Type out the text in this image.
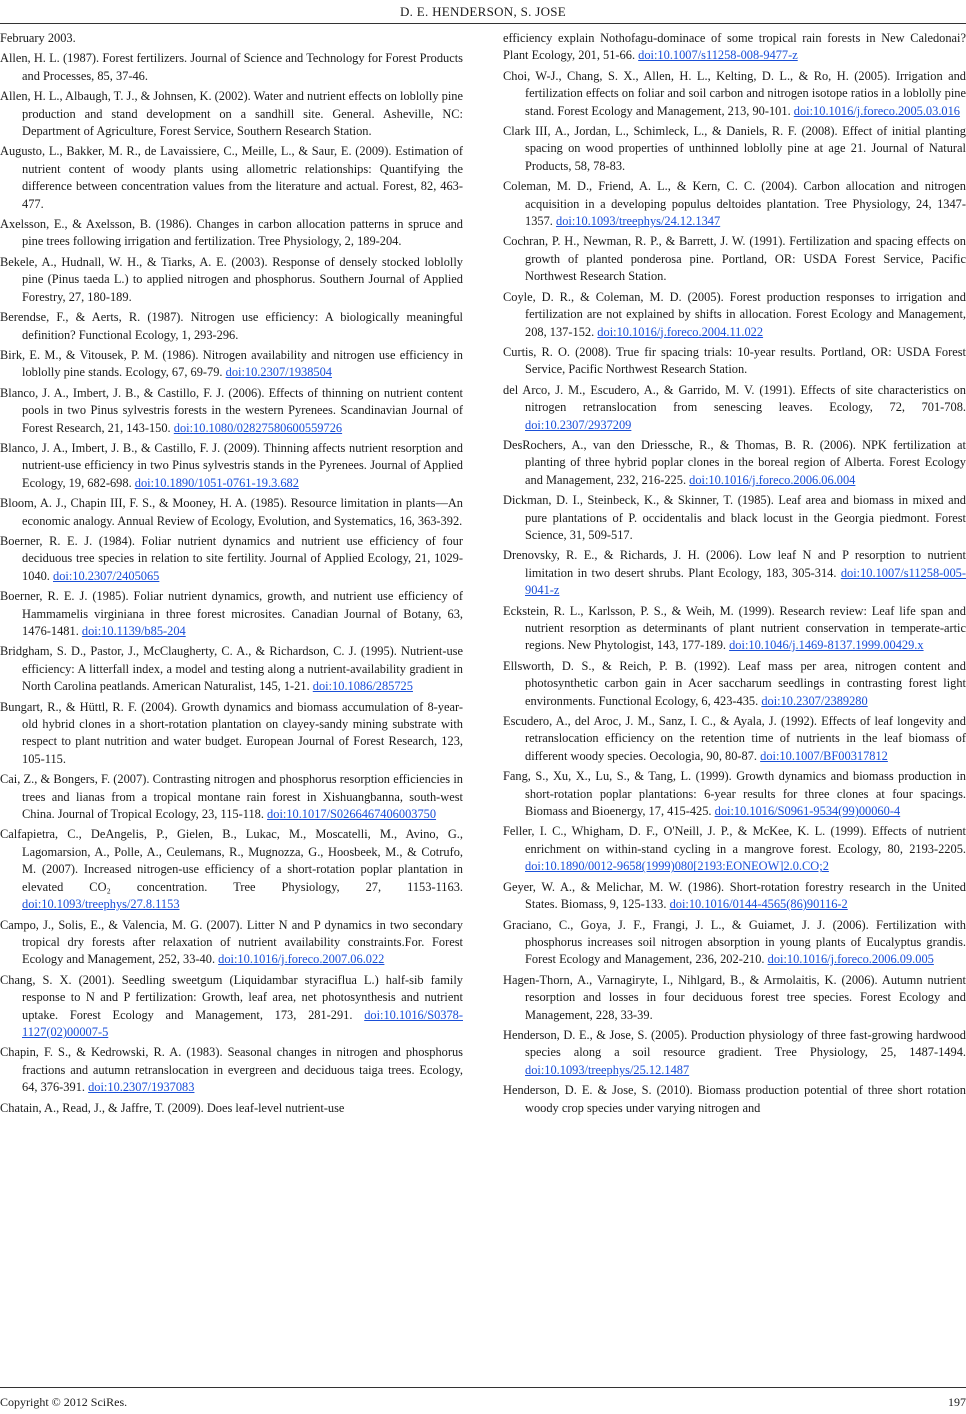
D. E. HENDERSON, S. JOSE

February 2003.

Allen, H. L. (1987). Forest fertilizers. Journal of Science and Technology for Forest Products and Processes, 85, 37-46.

Allen, H. L., Albaugh, T. J., & Johnsen, K. (2002). Water and nutrient effects on loblolly pine production and stand development on a sandhill site. General. Asheville, NC: Department of Agriculture, Forest Service, Southern Research Station.

Augusto, L., Bakker, M. R., de Lavaissiere, C., Meille, L., & Saur, E. (2009). Estimation of nutrient content of woody plants using allometric relationships: Quantifying the difference between concentration values from the literature and actual. Forest, 82, 463-477.

Axelsson, E., & Axelsson, B. (1986). Changes in carbon allocation patterns in spruce and pine trees following irrigation and fertilization. Tree Physiology, 2, 189-204.

Bekele, A., Hudnall, W. H., & Tiarks, A. E. (2003). Response of densely stocked loblolly pine (Pinus taeda L.) to applied nitrogen and phosphorus. Southern Journal of Applied Forestry, 27, 180-189.

Berendse, F., & Aerts, R. (1987). Nitrogen use efficiency: A biologically meaningful definition? Functional Ecology, 1, 293-296.

Birk, E. M., & Vitousek, P. M. (1986). Nitrogen availability and nitrogen use efficiency in loblolly pine stands. Ecology, 67, 69-79. doi:10.2307/1938504

Blanco, J. A., Imbert, J. B., & Castillo, F. J. (2006). Effects of thinning on nutrient content pools in two Pinus sylvestris forests in the western Pyrenees. Scandinavian Journal of Forest Research, 21, 143-150. doi:10.1080/02827580600559726

Blanco, J. A., Imbert, J. B., & Castillo, F. J. (2009). Thinning affects nutrient resorption and nutrient-use efficiency in two Pinus sylvestris stands in the Pyrenees. Journal of Applied Ecology, 19, 682-698. doi:10.1890/1051-0761-19.3.682

Bloom, A. J., Chapin III, F. S., & Mooney, H. A. (1985). Resource limitation in plants—An economic analogy. Annual Review of Ecology, Evolution, and Systematics, 16, 363-392.

Boerner, R. E. J. (1984). Foliar nutrient dynamics and nutrient use efficiency of four deciduous tree species in relation to site fertility. Journal of Applied Ecology, 21, 1029-1040. doi:10.2307/2405065

Boerner, R. E. J. (1985). Foliar nutrient dynamics, growth, and nutrient use efficiency of Hammamelis virginiana in three forest microsites. Canadian Journal of Botany, 63, 1476-1481. doi:10.1139/b85-204

Bridgham, S. D., Pastor, J., McClaugherty, C. A., & Richardson, C. J. (1995). Nutrient-use efficiency: A litterfall index, a model and testing along a nutrient-availability gradient in North Carolina peatlands. American Naturalist, 145, 1-21. doi:10.1086/285725

Bungart, R., & Hüttl, R. F. (2004). Growth dynamics and biomass accumulation of 8-year-old hybrid clones in a short-rotation plantation on clayey-sandy mining substrate with respect to plant nutrition and water budget. European Journal of Forest Research, 123, 105-115.

Cai, Z., & Bongers, F. (2007). Contrasting nitrogen and phosphorus resorption efficiencies in trees and lianas from a tropical montane rain forest in Xishuangbanna, south-west China. Journal of Tropical Ecology, 23, 115-118. doi:10.1017/S0266467406003750

Calfapietra, C., DeAngelis, P., Gielen, B., Lukac, M., Moscatelli, M., Avino, G., Lagomarsion, A., Polle, A., Ceulemans, R., Mugnozza, G., Hoosbeek, M., & Cotrufo, M. (2007). Increased nitrogen-use efficiency of a short-rotation poplar plantation in elevated CO₂ concentration. Tree Physiology, 27, 1153-1163. doi:10.1093/treephys/27.8.1153

Campo, J., Solis, E., & Valencia, M. G. (2007). Litter N and P dynamics in two secondary tropical dry forests after relaxation of nutrient availability constraints.For. Forest Ecology and Management, 252, 33-40. doi:10.1016/j.foreco.2007.06.022

Chang, S. X. (2001). Seedling sweetgum (Liquidambar styraciflua L.) half-sib family response to N and P fertilization: Growth, leaf area, net photosynthesis and nutrient uptake. Forest Ecology and Management, 173, 281-291. doi:10.1016/S0378-1127(02)00007-5

Chapin, F. S., & Kedrowski, R. A. (1983). Seasonal changes in nitrogen and phosphorus fractions and autumn retranslocation in evergreen and deciduous taiga trees. Ecology, 64, 376-391. doi:10.2307/1937083

Chatain, A., Read, J., & Jaffre, T. (2009). Does leaf-level nutrient-use

efficiency explain Nothofagu-dominace of some tropical rain forests in New Caledonai? Plant Ecology, 201, 51-66. doi:10.1007/s11258-008-9477-z

Choi, W-J., Chang, S. X., Allen, H. L., Kelting, D. L., & Ro, H. (2005). Irrigation and fertilization effects on foliar and soil carbon and nitrogen isotope ratios in a loblolly pine stand. Forest Ecology and Management, 213, 90-101. doi:10.1016/j.foreco.2005.03.016

Clark III, A., Jordan, L., Schimleck, L., & Daniels, R. F. (2008). Effect of initial planting spacing on wood properties of unthinned loblolly pine at age 21. Journal of Natural Products, 58, 78-83.

Coleman, M. D., Friend, A. L., & Kern, C. C. (2004). Carbon allocation and nitrogen acquisition in a developing populus deltoides plantation. Tree Physiology, 24, 1347-1357. doi:10.1093/treephys/24.12.1347

Cochran, P. H., Newman, R. P., & Barrett, J. W. (1991). Fertilization and spacing effects on growth of planted ponderosa pine. Portland, OR: USDA Forest Service, Pacific Northwest Research Station.

Coyle, D. R., & Coleman, M. D. (2005). Forest production responses to irrigation and fertilization are not explained by shifts in allocation. Forest Ecology and Management, 208, 137-152. doi:10.1016/j.foreco.2004.11.022

Curtis, R. O. (2008). True fir spacing trials: 10-year results. Portland, OR: USDA Forest Service, Pacific Northwest Research Station.

del Arco, J. M., Escudero, A., & Garrido, M. V. (1991). Effects of site characteristics on nitrogen retranslocation from senescing leaves. Ecology, 72, 701-708. doi:10.2307/2937209

DesRochers, A., van den Driessche, R., & Thomas, B. R. (2006). NPK fertilization at planting of three hybrid poplar clones in the boreal region of Alberta. Forest Ecology and Management, 232, 216-225. doi:10.1016/j.foreco.2006.06.004

Dickman, D. I., Steinbeck, K., & Skinner, T. (1985). Leaf area and biomass in mixed and pure plantations of P. occidentalis and black locust in the Georgia piedmont. Forest Science, 31, 509-517.

Drenovsky, R. E., & Richards, J. H. (2006). Low leaf N and P resorption to nutrient limitation in two desert shrubs. Plant Ecology, 183, 305-314. doi:10.1007/s11258-005-9041-z

Eckstein, R. L., Karlsson, P. S., & Weih, M. (1999). Research review: Leaf life span and nutrient resorption as determinants of plant nutrient conservation in temperate-artic regions. New Phytologist, 143, 177-189. doi:10.1046/j.1469-8137.1999.00429.x

Ellsworth, D. S., & Reich, P. B. (1992). Leaf mass per area, nitrogen content and photosynthetic carbon gain in Acer saccharum seedlings in contrasting forest light environments. Functional Ecology, 6, 423-435. doi:10.2307/2389280

Escudero, A., del Aroc, J. M., Sanz, I. C., & Ayala, J. (1992). Effects of leaf longevity and retranslocation efficiency on the retention time of nutrients in the leaf biomass of different woody species. Oecologia, 90, 80-87. doi:10.1007/BF00317812

Fang, S., Xu, X., Lu, S., & Tang, L. (1999). Growth dynamics and biomass production in short-rotation poplar plantations: 6-year results for three clones at four spacings. Biomass and Bioenergy, 17, 415-425. doi:10.1016/S0961-9534(99)00060-4

Feller, I. C., Whigham, D. F., O'Neill, J. P., & McKee, K. L. (1999). Effects of nutrient enrichment on within-stand cycling in a mangrove forest. Ecology, 80, 2193-2205. doi:10.1890/0012-9658(1999)080[2193:EONEOW]2.0.CO;2

Geyer, W. A., & Melichar, M. W. (1986). Short-rotation forestry research in the United States. Biomass, 9, 125-133. doi:10.1016/0144-4565(86)90116-2

Graciano, C., Goya, J. F., Frangi, J. L., & Guiamet, J. J. (2006). Fertilization with phosphorus increases soil nitrogen absorption in young plants of Eucalyptus grandis. Forest Ecology and Management, 236, 202-210. doi:10.1016/j.foreco.2006.09.005

Hagen-Thorn, A., Varnagiryte, I., Nihlgard, B., & Armolaitis, K. (2006). Autumn nutrient resorption and losses in four deciduous forest tree species. Forest Ecology and Management, 228, 33-39.

Henderson, D. E., & Jose, S. (2005). Production physiology of three fast-growing hardwood species along a soil resource gradient. Tree Physiology, 25, 1487-1494. doi:10.1093/treephys/25.12.1487

Henderson, D. E. & Jose, S. (2010). Biomass production potential of three short rotation woody crop species under varying nitrogen and

Copyright © 2012 SciRes.	197
